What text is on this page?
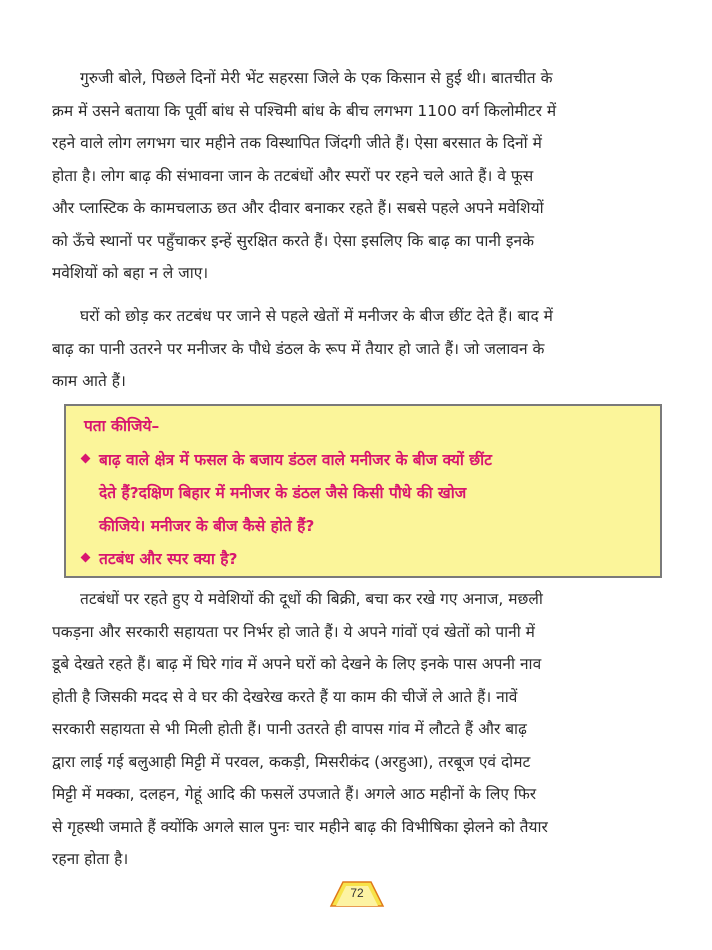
गुरुजी बोले, पिछले दिनों मेरी भेंट सहरसा जिले के एक किसान से हुई थी। बातचीत के
क्रम में उसने बताया कि पूर्वी बांध से पश्चिमी बांध के बीच लगभग 1100 वर्ग किलोमीटर में
रहने वाले लोग लगभग चार महीने तक विस्थापित जिंदगी जीते हैं। ऐसा बरसात के दिनों में
होता है। लोग बाढ़ की संभावना जान के तटबंधों और स्परों पर रहने चले आते हैं। वे फूस
और प्लास्टिक के कामचलाऊ छत और दीवार बनाकर रहते हैं। सबसे पहले अपने मवेशियों
को ऊँचे स्थानों पर पहुँचाकर इन्हें सुरक्षित करते हैं। ऐसा इसलिए कि बाढ़ का पानी इनके
मवेशियों को बहा न ले जाए।
घरों को छोड़ कर तटबंध पर जाने से पहले खेतों में मनीजर के बीज छींट देते हैं। बाद में
बाढ़ का पानी उतरने पर मनीजर के पौधे डंठल के रूप में तैयार हो जाते हैं। जो जलावन के
काम आते हैं।
पता कीजिये–
बाढ़ वाले क्षेत्र में फसल के बजाय डंठल वाले मनीजर के बीज क्यों छींट
देते हैं?दक्षिण बिहार में मनीजर के डंठल जैसे किसी पौधे की खोज
कीजिये। मनीजर के बीज कैसे होते हैं?
तटबंध और स्पर क्या है?
तटबंधों पर रहते हुए ये मवेशियों की दूधों की बिक्री, बचा कर रखे गए अनाज, मछली
पकड़ना और सरकारी सहायता पर निर्भर हो जाते हैं। ये अपने गांवों एवं खेतों को पानी में
डूबे देखते रहते हैं। बाढ़ में घिरे गांव में अपने घरों को देखने के लिए इनके पास अपनी नाव
होती है जिसकी मदद से वे घर की देखरेख करते हैं या काम की चीजें ले आते हैं। नावें
सरकारी सहायता से भी मिली होती हैं। पानी उतरते ही वापस गांव में लौटते हैं और बाढ़
द्वारा लाई गई बलुआही मिट्टी में परवल, ककड़ी, मिसरीकंद (अरहुआ), तरबूज एवं दोमट
मिट्टी में मक्का, दलहन, गेहूं आदि की फसलें उपजाते हैं। अगले आठ महीनों के लिए फिर
से गृहस्थी जमाते हैं क्योंकि अगले साल पुनः चार महीने बाढ़ की विभीषिका झेलने को तैयार
रहना होता है।
72
